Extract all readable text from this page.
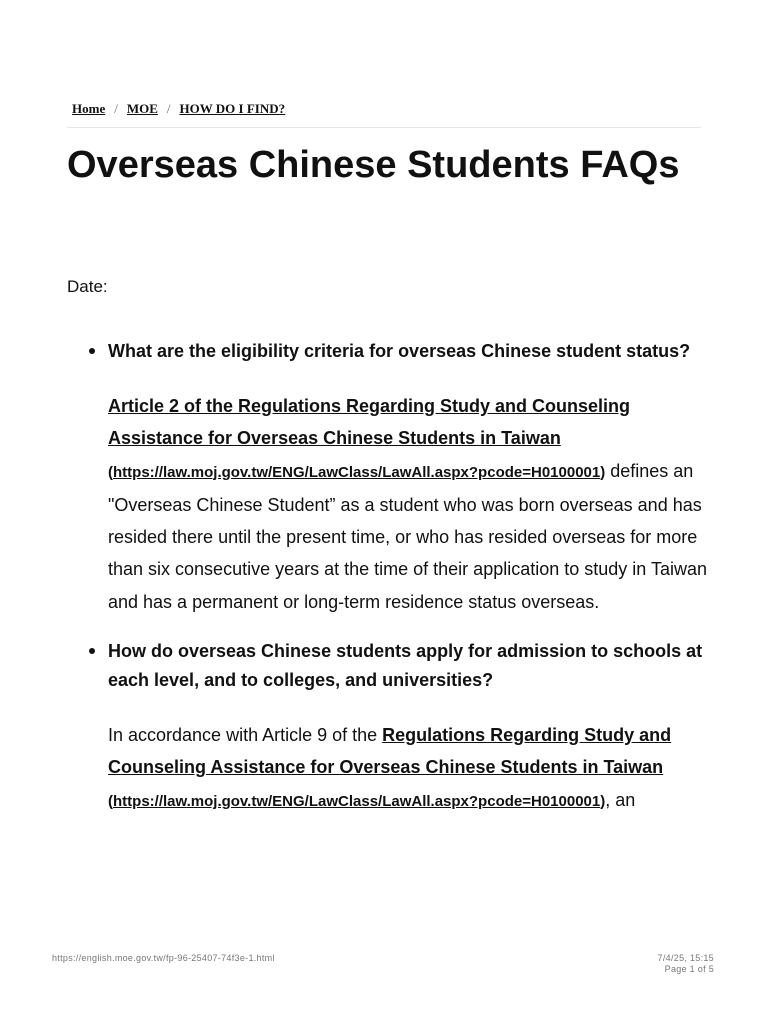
Home / MOE / HOW DO I FIND?
Overseas Chinese Students FAQs
Date:

What are the eligibility criteria for overseas Chinese student status?

Article 2 of the Regulations Regarding Study and Counseling Assistance for Overseas Chinese Students in Taiwan
(https://law.moj.gov.tw/ENG/LawClass/LawAll.aspx?pcode=H0100001) defines an "Overseas Chinese Student” as a student who was born overseas and has resided there until the present time, or who has resided overseas for more than six consecutive years at the time of their application to study in Taiwan and has a permanent or long-term residence status overseas.

How do overseas Chinese students apply for admission to schools at each level, and to colleges, and universities?

In accordance with Article 9 of the Regulations Regarding Study and Counseling Assistance for Overseas Chinese Students in Taiwan
(https://law.moj.gov.tw/ENG/LawClass/LawAll.aspx?pcode=H0100001), an

https://english.moe.gov.tw/fp-96-25407-74f3e-1.html	7/4/25, 15:15
Page 1 of 5
